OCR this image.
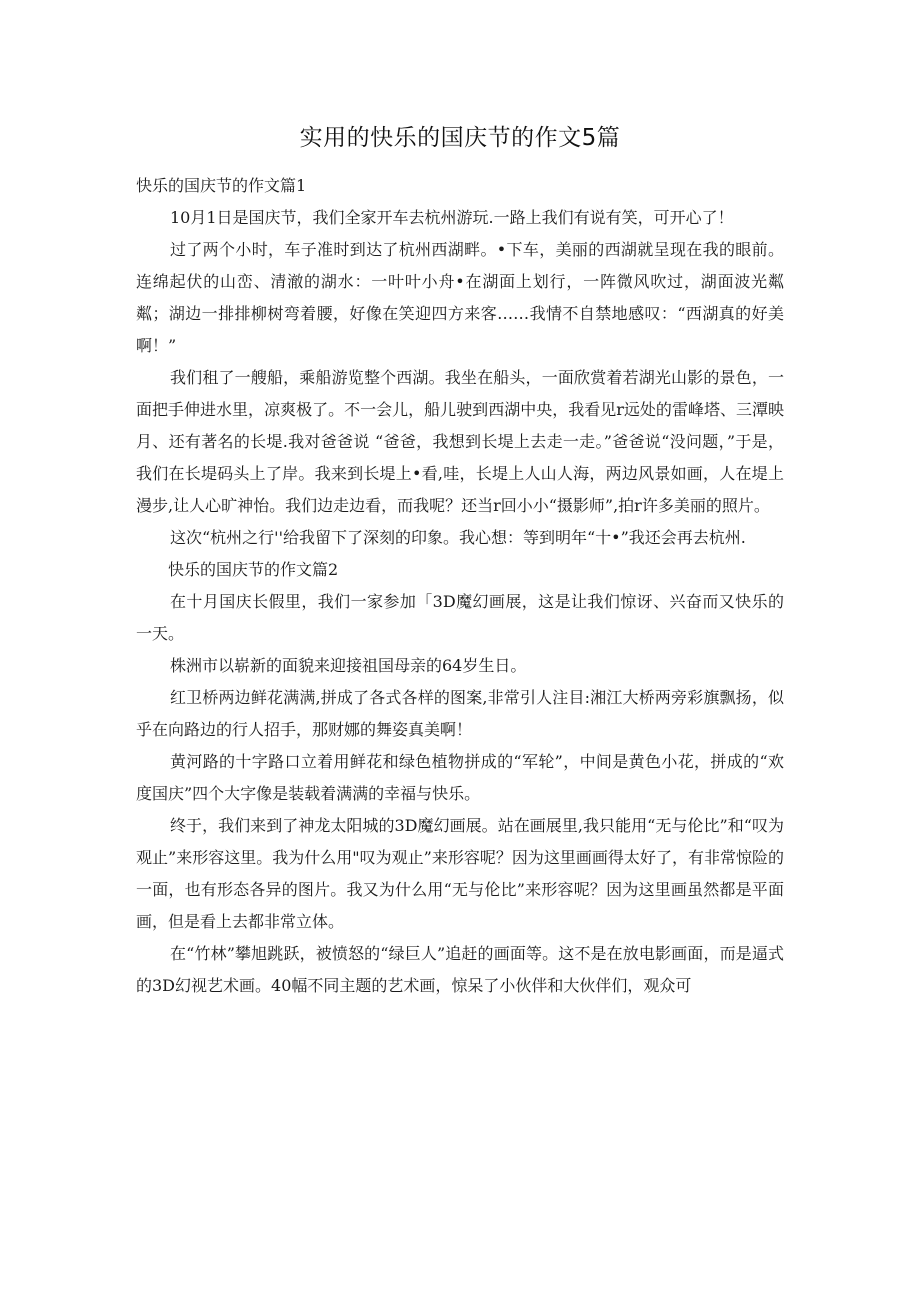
实用的快乐的国庆节的作文5篇

快乐的国庆节的作文篇1

10月1日是国庆节，我们全家开车去杭州游玩.一路上我们有说有笑，可开心了！

过了两个小时，车子准时到达了杭州西湖畔。•下车，美丽的西湖就呈现在我的眼前。连绵起伏的山峦、清澈的湖水：一叶叶小舟•在湖面上划行，一阵微风吹过，湖面波光粼粼；湖边一排排柳树弯着腰，好像在笑迎四方来客……我情不自禁地感叹：“西湖真的好美啊！”

我们租了一艘船，乘船游览整个西湖。我坐在船头，一面欣赏着若湖光山影的景色，一面把手伸进水里，凉爽极了。不一会儿，船儿驶到西湖中央，我看见r远处的雷峰塔、三潭映月、还有著名的长堤.我对爸爸说 “爸爸，我想到长堤上去走一走。”爸爸说“没问题，”于是，我们在长堤码头上了岸。我来到长堤上•看,哇，长堤上人山人海，两边风景如画，人在堤上漫步,让人心旷神怡。我们边走边看，而我呢？还当r回小小“摄影师”,拍r许多美丽的照片。

这次“杭州之行''给我留下了深刻的印象。我心想：等到明年“十•”我还会再去杭州.

快乐的国庆节的作文篇2

在十月国庆长假里，我们一家参加「3D魔幻画展，这是让我们惊讶、兴奋而又快乐的一天。

株洲市以崭新的面貌来迎接祖国母亲的64岁生日。

红卫桥两边鲜花满满,拼成了各式各样的图案,非常引人注目:湘江大桥两旁彩旗飘扬，似乎在向路边的行人招手，那财娜的舞姿真美啊！

黄河路的十字路口立着用鲜花和绿色植物拼成的“军轮”，中间是黄色小花，拼成的“欢度国庆”四个大字像是装载着满满的幸福与快乐。

终于，我们来到了神龙太阳城的3D魔幻画展。站在画展里,我只能用“无与伦比”和“叹为观止”来形容这里。我为什么用"叹为观止”来形容呢？因为这里画画得太好了，有非常惊险的一面，也有形态各异的图片。我又为什么用“无与伦比”来形容呢？因为这里画虽然都是平面画，但是看上去都非常立体。

在“竹林”攀旭跳跃，被愤怒的“绿巨人”追赶的画面等。这不是在放电影画面，而是逼式的3D幻视艺术画。40幅不同主题的艺术画，惊呆了小伙伴和大伙伴们，观众可
